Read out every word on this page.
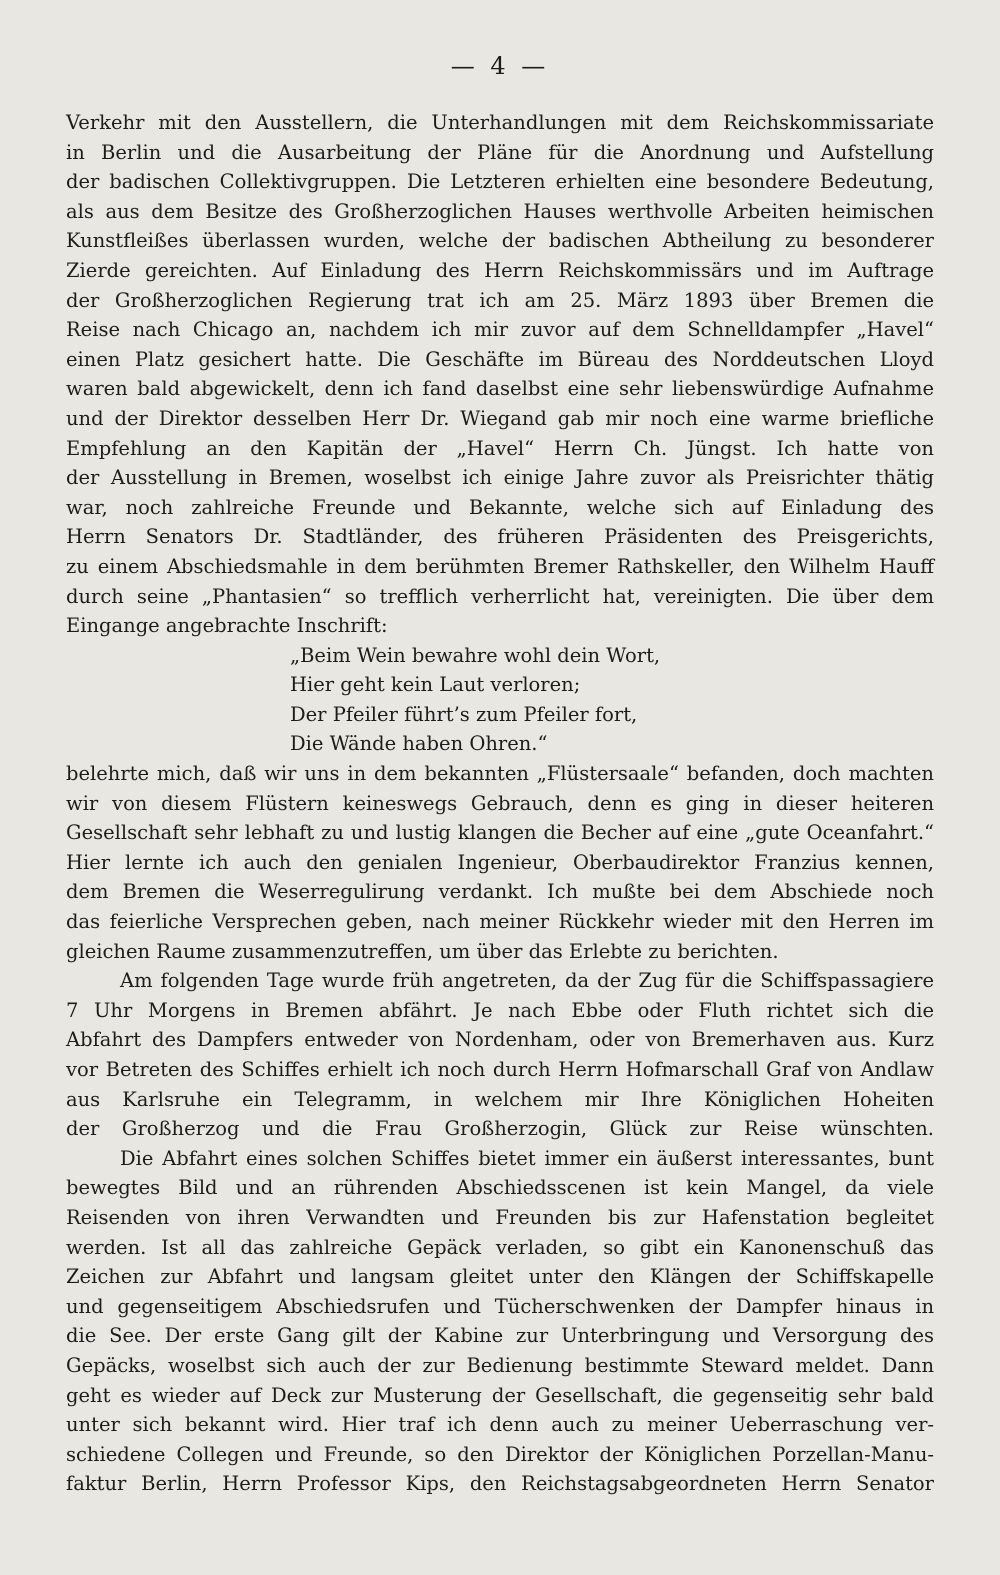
— 4 —
Verkehr mit den Ausstellern, die Unterhandlungen mit dem Reichskommissariate
in Berlin und die Ausarbeitung der Pläne für die Anordnung und Aufstellung
der badischen Collektivgruppen. Die Letzteren erhielten eine besondere Bedeutung,
als aus dem Besitze des Großherzoglichen Hauses werthvolle Arbeiten heimischen
Kunstfleißes überlassen wurden, welche der badischen Abtheilung zu besonderer
Zierde gereichten. Auf Einladung des Herrn Reichskommissärs und im Auftrage
der Großherzoglichen Regierung trat ich am 25. März 1893 über Bremen die
Reise nach Chicago an, nachdem ich mir zuvor auf dem Schnelldampfer „Havel“
einen Platz gesichert hatte. Die Geschäfte im Büreau des Norddeutschen Lloyd
waren bald abgewickelt, denn ich fand daselbst eine sehr liebenswürdige Aufnahme
und der Direktor desselben Herr Dr. Wiegand gab mir noch eine warme briefliche
Empfehlung an den Kapitän der „Havel“ Herrn Ch. Jüngst. Ich hatte von
der Ausstellung in Bremen, woselbst ich einige Jahre zuvor als Preisrichter thätig
war, noch zahlreiche Freunde und Bekannte, welche sich auf Einladung des
Herrn Senators Dr. Stadtländer, des früheren Präsidenten des Preisgerichts,
zu einem Abschiedsmahle in dem berühmten Bremer Rathskeller, den Wilhelm Hauff
durch seine „Phantasien“ so trefflich verherrlicht hat, vereinigten. Die über dem
Eingange angebrachte Inschrift:
„Beim Wein bewahre wohl dein Wort,
Hier geht kein Laut verloren;
Der Pfeiler führt’s zum Pfeiler fort,
Die Wände haben Ohren.“
belehrte mich, daß wir uns in dem bekannten „Flüstersaale“ befanden, doch machten
wir von diesem Flüstern keineswegs Gebrauch, denn es ging in dieser heiteren
Gesellschaft sehr lebhaft zu und lustig klangen die Becher auf eine „gute Oceanfahrt.“
Hier lernte ich auch den genialen Ingenieur, Oberbaudirektor Franzius kennen,
dem Bremen die Weserregulirung verdankt. Ich mußte bei dem Abschiede noch
das feierliche Versprechen geben, nach meiner Rückkehr wieder mit den Herren im
gleichen Raume zusammenzutreffen, um über das Erlebte zu berichten.
Am folgenden Tage wurde früh angetreten, da der Zug für die Schiffspassagiere
7 Uhr Morgens in Bremen abfährt. Je nach Ebbe oder Fluth richtet sich die
Abfahrt des Dampfers entweder von Nordenham, oder von Bremerhaven aus. Kurz
vor Betreten des Schiffes erhielt ich noch durch Herrn Hofmarschall Graf von Andlaw
aus Karlsruhe ein Telegramm, in welchem mir Ihre Königlichen Hoheiten
der Großherzog und die Frau Großherzogin, Glück zur Reise wünschten.
Die Abfahrt eines solchen Schiffes bietet immer ein äußerst interessantes, bunt
bewegtes Bild und an rührenden Abschiedsscenen ist kein Mangel, da viele
Reisenden von ihren Verwandten und Freunden bis zur Hafenstation begleitet
werden. Ist all das zahlreiche Gepäck verladen, so gibt ein Kanonenschuß das
Zeichen zur Abfahrt und langsam gleitet unter den Klängen der Schiffskapelle
und gegenseitigem Abschiedsrufen und Tücherschwenken der Dampfer hinaus in
die See. Der erste Gang gilt der Kabine zur Unterbringung und Versorgung des
Gepäcks, woselbst sich auch der zur Bedienung bestimmte Steward meldet. Dann
geht es wieder auf Deck zur Musterung der Gesellschaft, die gegenseitig sehr bald
unter sich bekannt wird. Hier traf ich denn auch zu meiner Ueberraschung ver-
schiedene Collegen und Freunde, so den Direktor der Königlichen Porzellan-Manu-
faktur Berlin, Herrn Professor Kips, den Reichstagsabgeordneten Herrn Senator
